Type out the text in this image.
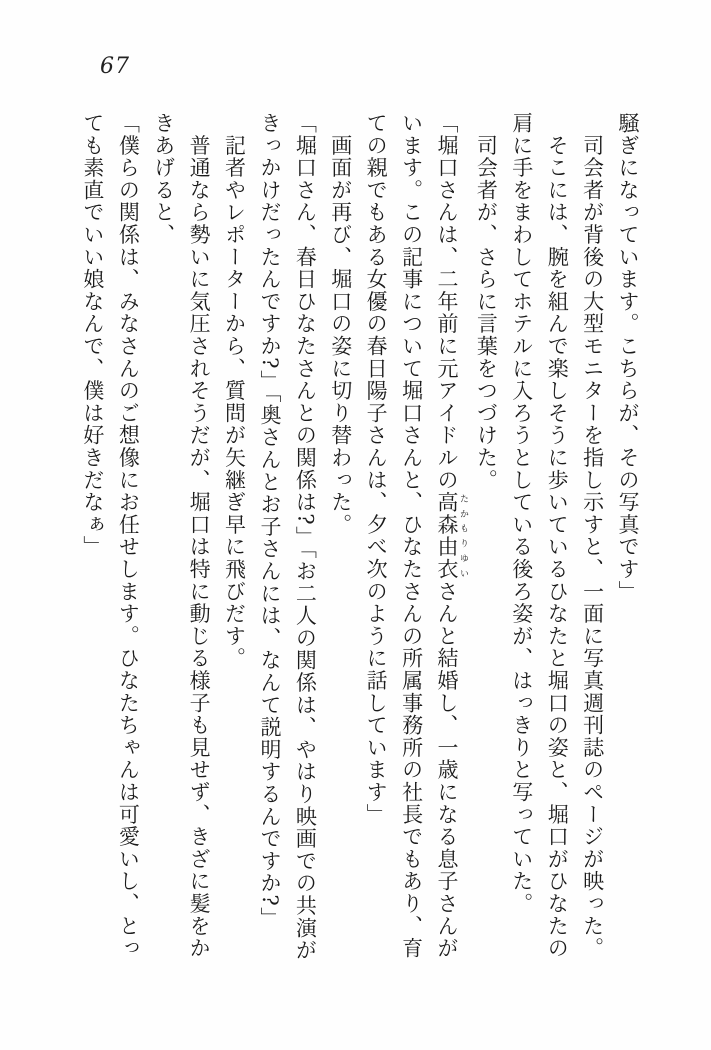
67

騒ぎになっています。こちらが、その写真です」

　司会者が背後の大型モニターを指し示すと、一面に写真週刊誌のページが映った。

　そこには、腕を組んで楽しそうに歩いているひなたと堀口の姿と、堀口がひなたの肩に手をまわしてホテルに入ろうとしている後ろ姿が、はっきりと写っていた。

　司会者が、さらに言葉をつづけた。

「堀口さんは、二年前に元アイドルの高森由衣 たかもりゆいさんと結婚し、一歳になる息子さんがいます。この記事について堀口さんと、ひなたさんの所属事務所の社長でもあり、育ての親でもある女優の春日陽子さんは、夕べ次のように話しています」

　画面が再び、堀口の姿に切り替わった。

「堀口さん、春日ひなたさんとの関係は?」「お二人の関係は、やはり映画での共演がきっかけだったんですか?」「奥さんとお子さんには、なんて説明するんですか?」

　記者やレポーターから、質問が矢継ぎ早に飛びだす。

　普通なら勢いに気圧されそうだが、堀口は特に動じる様子も見せず、きざに髪をかきあげると、

「僕らの関係は、みなさんのご想像にお任せします。ひなたちゃんは可愛いし、とっても素直でいい娘なんで、僕は好きだなぁ」
